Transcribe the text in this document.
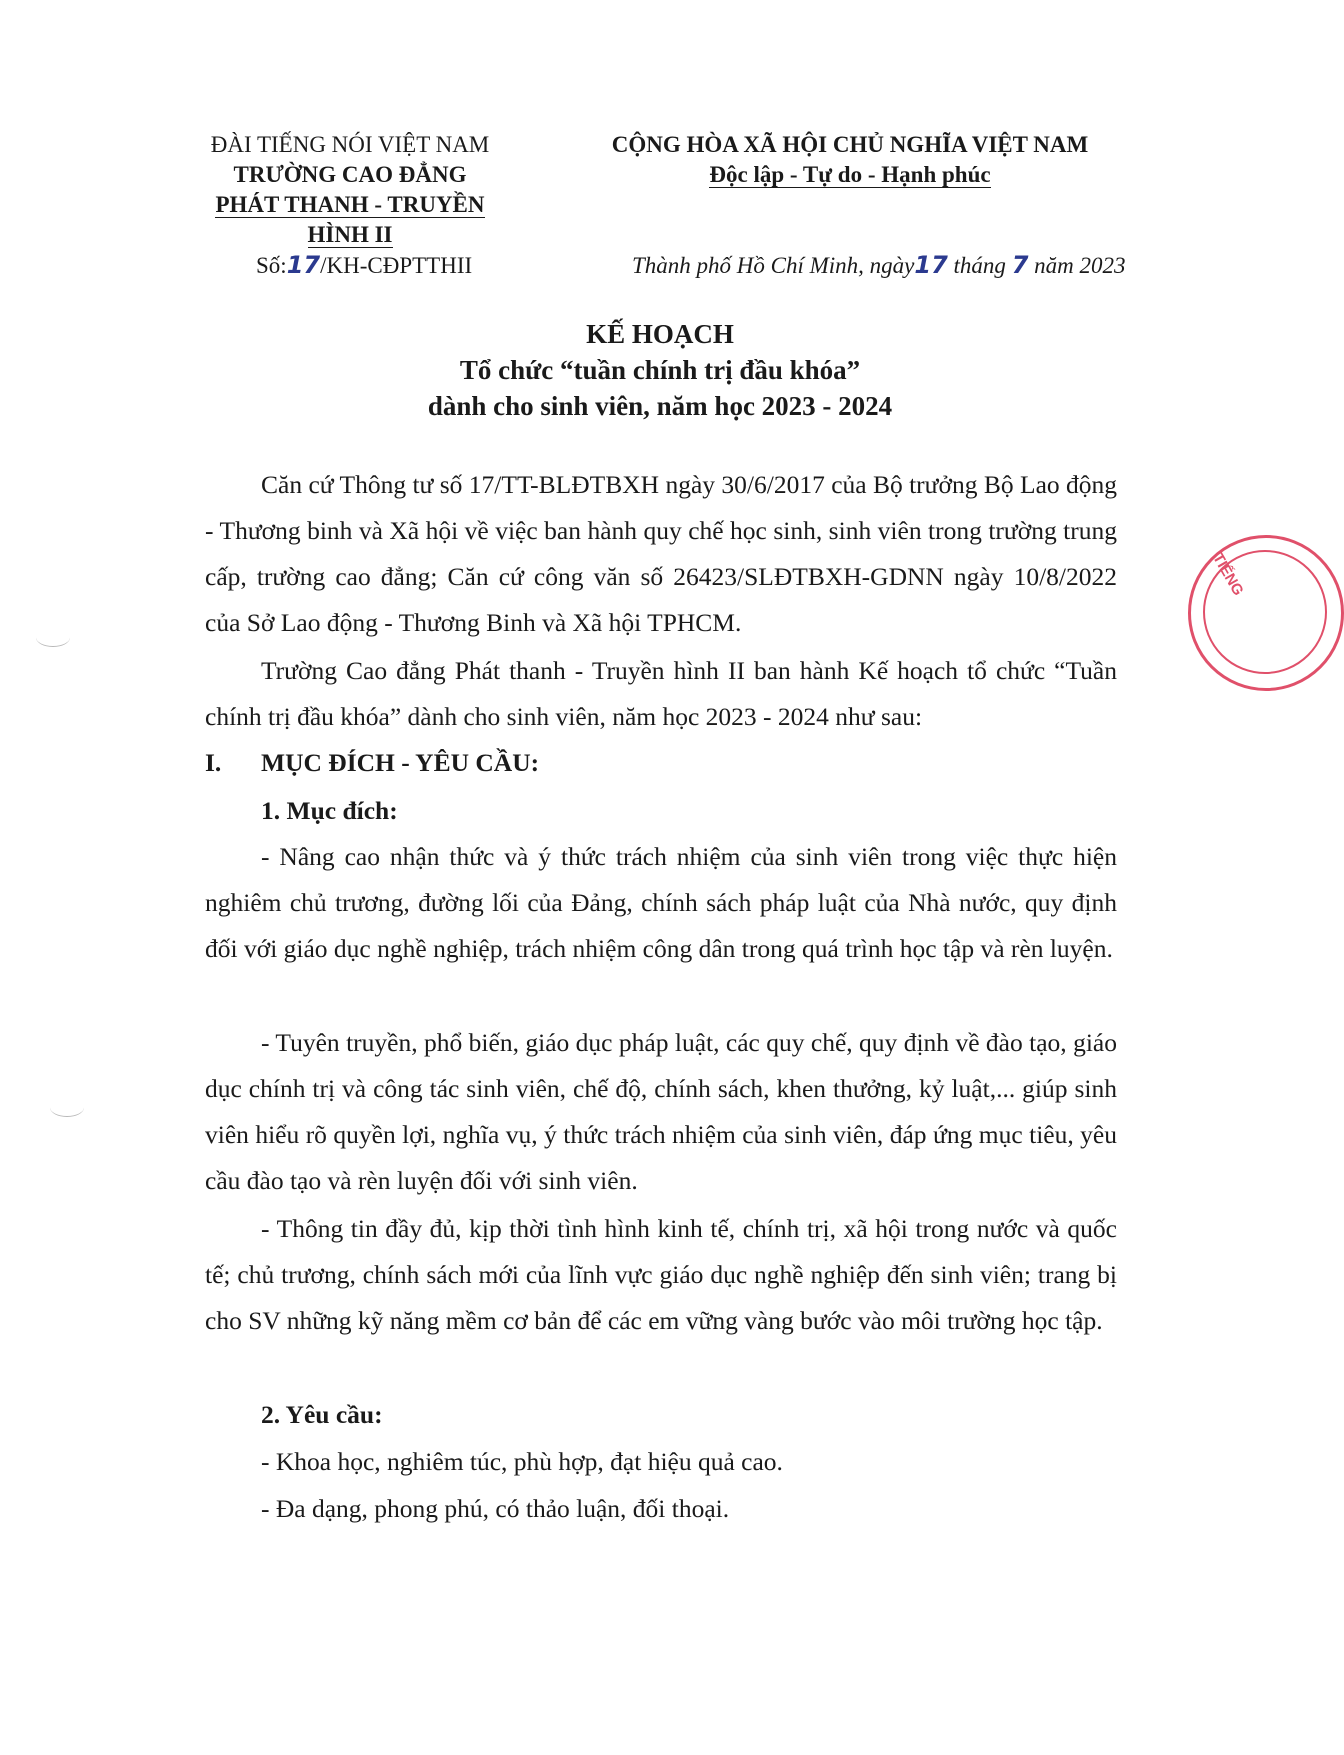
ĐÀI TIẾNG NÓI VIỆT NAM
TRƯỜNG CAO ĐẲNG
PHÁT THANH - TRUYỀN HÌNH II
CỘNG HÒA XÃ HỘI CHỦ NGHĨA VIỆT NAM
Độc lập - Tự do - Hạnh phúc
Số:17/KH-CĐPTTHII	Thành phố Hồ Chí Minh, ngày17 tháng 7 năm 2023
KẾ HOẠCH
Tổ chức “tuần chính trị đầu khóa”
dành cho sinh viên, năm học 2023 - 2024
Căn cứ Thông tư số 17/TT-BLĐTBXH ngày 30/6/2017 của Bộ trưởng Bộ Lao động - Thương binh và Xã hội về việc ban hành quy chế học sinh, sinh viên trong trường trung cấp, trường cao đẳng; Căn cứ công văn số 26423/SLĐTBXH-GDNN ngày 10/8/2022 của Sở Lao động - Thương Binh và Xã hội TPHCM.
Trường Cao đẳng Phát thanh - Truyền hình II ban hành Kế hoạch tổ chức “Tuần chính trị đầu khóa” dành cho sinh viên, năm học 2023 - 2024 như sau:
I. MỤC ĐÍCH - YÊU CẦU:
1. Mục đích:
- Nâng cao nhận thức và ý thức trách nhiệm của sinh viên trong việc thực hiện nghiêm chủ trương, đường lối của Đảng, chính sách pháp luật của Nhà nước, quy định đối với giáo dục nghề nghiệp, trách nhiệm công dân trong quá trình học tập và rèn luyện.
- Tuyên truyền, phổ biến, giáo dục pháp luật, các quy chế, quy định về đào tạo, giáo dục chính trị và công tác sinh viên, chế độ, chính sách, khen thưởng, kỷ luật,... giúp sinh viên hiểu rõ quyền lợi, nghĩa vụ, ý thức trách nhiệm của sinh viên, đáp ứng mục tiêu, yêu cầu đào tạo và rèn luyện đối với sinh viên.
- Thông tin đầy đủ, kịp thời tình hình kinh tế, chính trị, xã hội trong nước và quốc tế; chủ trương, chính sách mới của lĩnh vực giáo dục nghề nghiệp đến sinh viên; trang bị cho SV những kỹ năng mềm cơ bản để các em vững vàng bước vào môi trường học tập.
2. Yêu cầu:
- Khoa học, nghiêm túc, phù hợp, đạt hiệu quả cao.
- Đa dạng, phong phú, có thảo luận, đối thoại.
TIẾNG
